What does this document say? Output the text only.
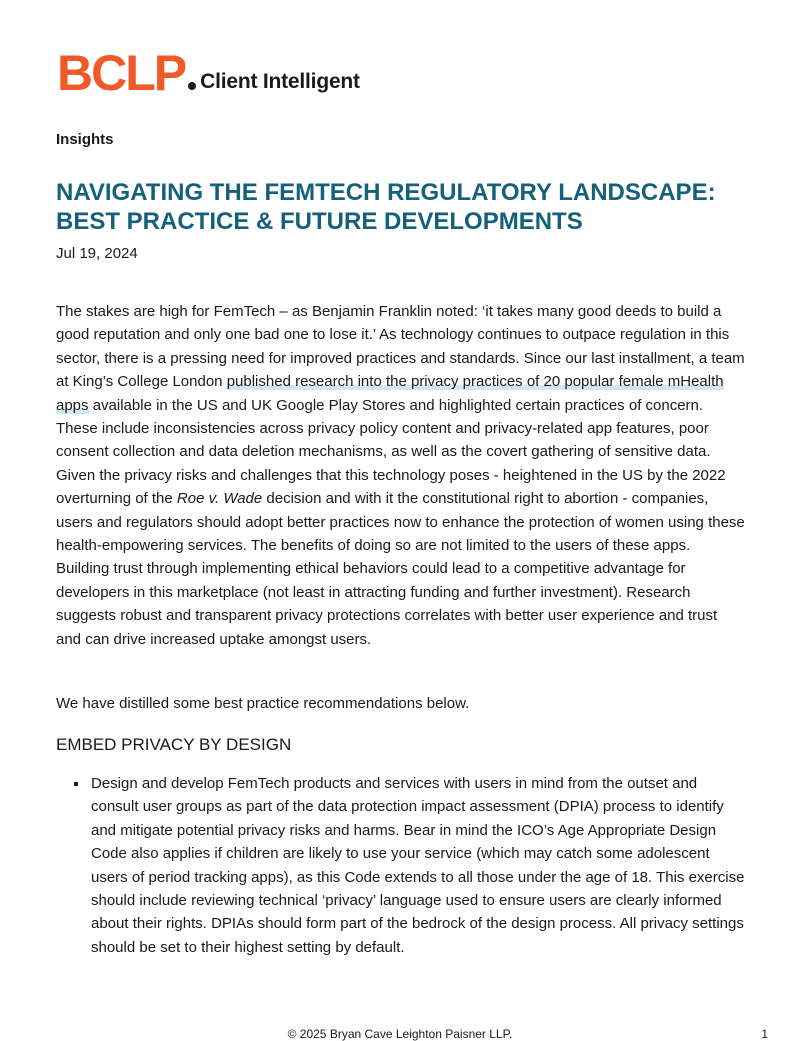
BCLP Client Intelligent
Insights
NAVIGATING THE FEMTECH REGULATORY LANDSCAPE: BEST PRACTICE & FUTURE DEVELOPMENTS
Jul 19, 2024

The stakes are high for FemTech – as Benjamin Franklin noted: ‘it takes many good deeds to build a good reputation and only one bad one to lose it.’ As technology continues to outpace regulation in this sector, there is a pressing need for improved practices and standards. Since our last installment, a team at King’s College London published research into the privacy practices of 20 popular female mHealth apps available in the US and UK Google Play Stores and highlighted certain practices of concern. These include inconsistencies across privacy policy content and privacy-related app features, poor consent collection and data deletion mechanisms, as well as the covert gathering of sensitive data. Given the privacy risks and challenges that this technology poses - heightened in the US by the 2022 overturning of the Roe v. Wade decision and with it the constitutional right to abortion - companies, users and regulators should adopt better practices now to enhance the protection of women using these health-empowering services. The benefits of doing so are not limited to the users of these apps. Building trust through implementing ethical behaviors could lead to a competitive advantage for developers in this marketplace (not least in attracting funding and further investment). Research suggests robust and transparent privacy protections correlates with better user experience and trust and can drive increased uptake amongst users.

We have distilled some best practice recommendations below.

EMBED PRIVACY BY DESIGN
Design and develop FemTech products and services with users in mind from the outset and consult user groups as part of the data protection impact assessment (DPIA) process to identify and mitigate potential privacy risks and harms. Bear in mind the ICO’s Age Appropriate Design Code also applies if children are likely to use your service (which may catch some adolescent users of period tracking apps), as this Code extends to all those under the age of 18. This exercise should include reviewing technical ‘privacy’ language used to ensure users are clearly informed about their rights. DPIAs should form part of the bedrock of the design process. All privacy settings should be set to their highest setting by default.
© 2025 Bryan Cave Leighton Paisner LLP.	1
